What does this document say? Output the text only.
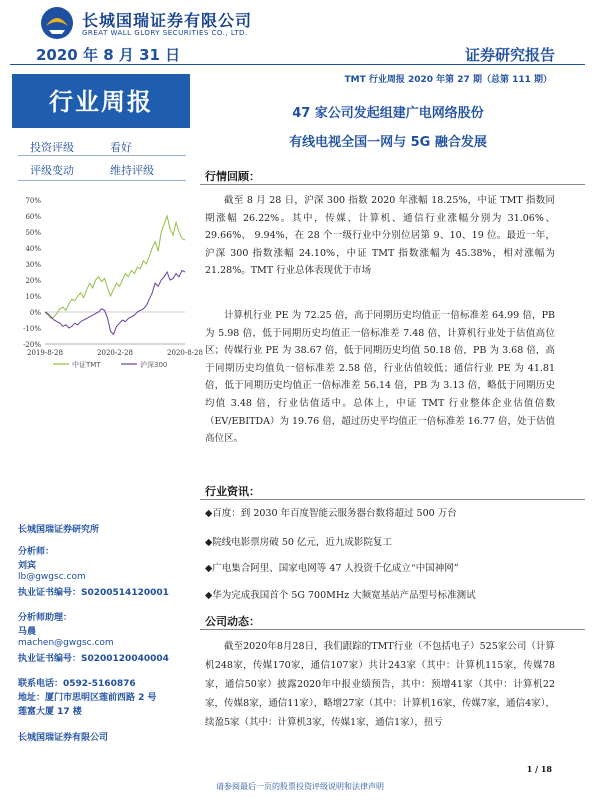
长城国瑞证券有限公司
GREAT WALL GLORY SECURITIES CO., LTD.
2020 年 8 月 31 日	证券研究报告
TMT 行业周报 2020 年第 27 期（总第 111 期）
行业周报	47 家公司发起组建广电网络股份
有线电视全国一网与 5G 融合发展
投资评级	看好
评级变动	维持评级
70%
60%
50%
40%
30%
20%
10%
0%
-10%
-20%
2019-8-28	2020-2-28	2020-8-28
中证TMT	沪深300
行情回顾：
截至 8 月 28 日，沪深 300 指数 2020 年涨幅 18.25%，中证 TMT 指数同期涨幅 26.22%。其中，传媒、计算机、通信行业涨幅分别为 31.06%、29.66%、 9.94%，在 28 个一级行业中分别位居第 9、10、19 位。最近一年，沪深 300 指数涨幅 24.10%，中证 TMT 指数涨幅为 45.38%，相对涨幅为 21.28%。TMT 行业总体表现优于市场
计算机行业 PE 为 72.25 倍，高于同期历史均值正一倍标准差 64.99 倍，PB 为 5.98 倍，低于同期历史均值正一倍标准差 7.48 倍，计算机行业处于估值高位区；传媒行业 PE 为 38.67 倍，低于同期历史均值 50.18 倍，PB 为 3.68 倍，高于同期历史均值负一倍标准差 2.58 倍，行业估值较低；通信行业 PE 为 41.81 倍，低于同期历史均值正一倍标准差 56.14 倍，PB 为 3.13 倍，略低于同期历史均值 3.48 倍，行业估值适中。总体上，中证 TMT 行业整体企业估值倍数（EV/EBITDA）为 19.76 倍，超过历史平均值正一倍标准差 16.77 倍，处于估值高位区。
行业资讯：
◆百度：到 2030 年百度智能云服务器台数将超过 500 万台
◆院线电影票房破 50 亿元，近九成影院复工
◆广电集合阿里、国家电网等 47 人投资千亿成立“中国神网”
◆华为完成我国首个 5G 700MHz 大频宽基站产品型号标准测试
公司动态：
截至2020年8月28日，我们跟踪的TMT行业（不包括电子）525家公司（计算机248家，传媒170家，通信107家）共计243家（其中：计算机115家，传媒78家，通信50家）披露2020年中报业绩预告，其中：预增41家（其中：计算机22家，传媒8家，通信11家），略增27家（其中：计算机16家，传媒7家，通信4家），续盈5家（其中：计算机3家，传媒1家，通信1家），扭亏
长城国瑞证券研究所
分析师：
刘宾
lb@gwgsc.com
执业证书编号：S0200514120001
分析师助理：
马晨
machen@gwgsc.com
执业证书编号：S0200120040004
联系电话：0592-5160876
地址：厦门市思明区莲前西路 2 号
莲富大厦 17 楼
长城国瑞证券有限公司
1 / 18
请参阅最后一页的股票投资评级说明和法律声明
